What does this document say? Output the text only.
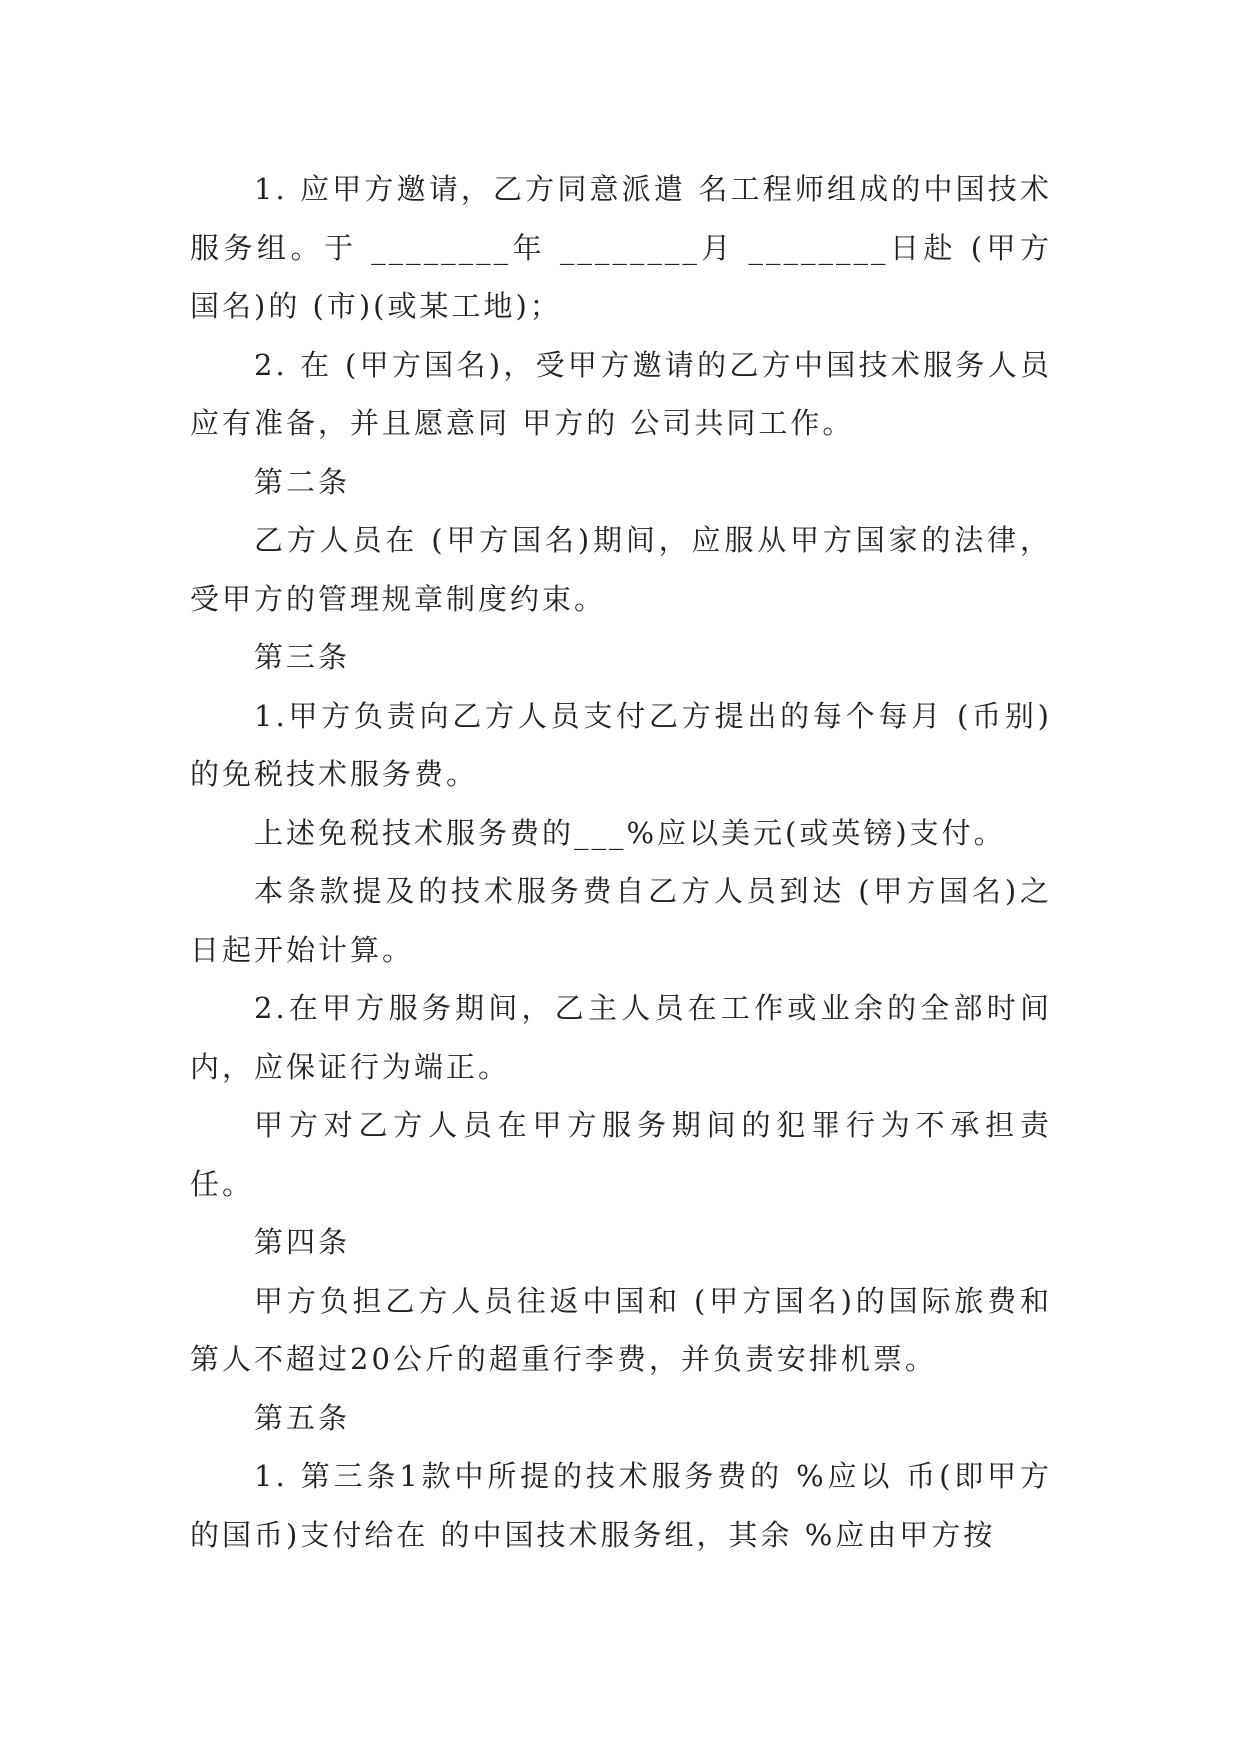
1. 应甲方邀请，乙方同意派遣 名工程师组成的中国技术服务组。于 ________年 ________月 ________日赴 (甲方国名)的 (市)(或某工地)；

2. 在 (甲方国名)，受甲方邀请的乙方中国技术服务人员应有准备，并且愿意同 甲方的 公司共同工作。

第二条

乙方人员在 (甲方国名)期间，应服从甲方国家的法律，受甲方的管理规章制度约束。

第三条

1.甲方负责向乙方人员支付乙方提出的每个每月 (币别)的免税技术服务费。

上述免税技术服务费的___%应以美元(或英镑)支付。

本条款提及的技术服务费自乙方人员到达 (甲方国名)之日起开始计算。

2.在甲方服务期间，乙主人员在工作或业余的全部时间内，应保证行为端正。

甲方对乙方人员在甲方服务期间的犯罪行为不承担责任。

第四条

甲方负担乙方人员往返中国和 (甲方国名)的国际旅费和第人不超过20公斤的超重行李费，并负责安排机票。

第五条

1. 第三条1款中所提的技术服务费的 %应以 币(即甲方的国币)支付给在 的中国技术服务组，其余 %应由甲方按
